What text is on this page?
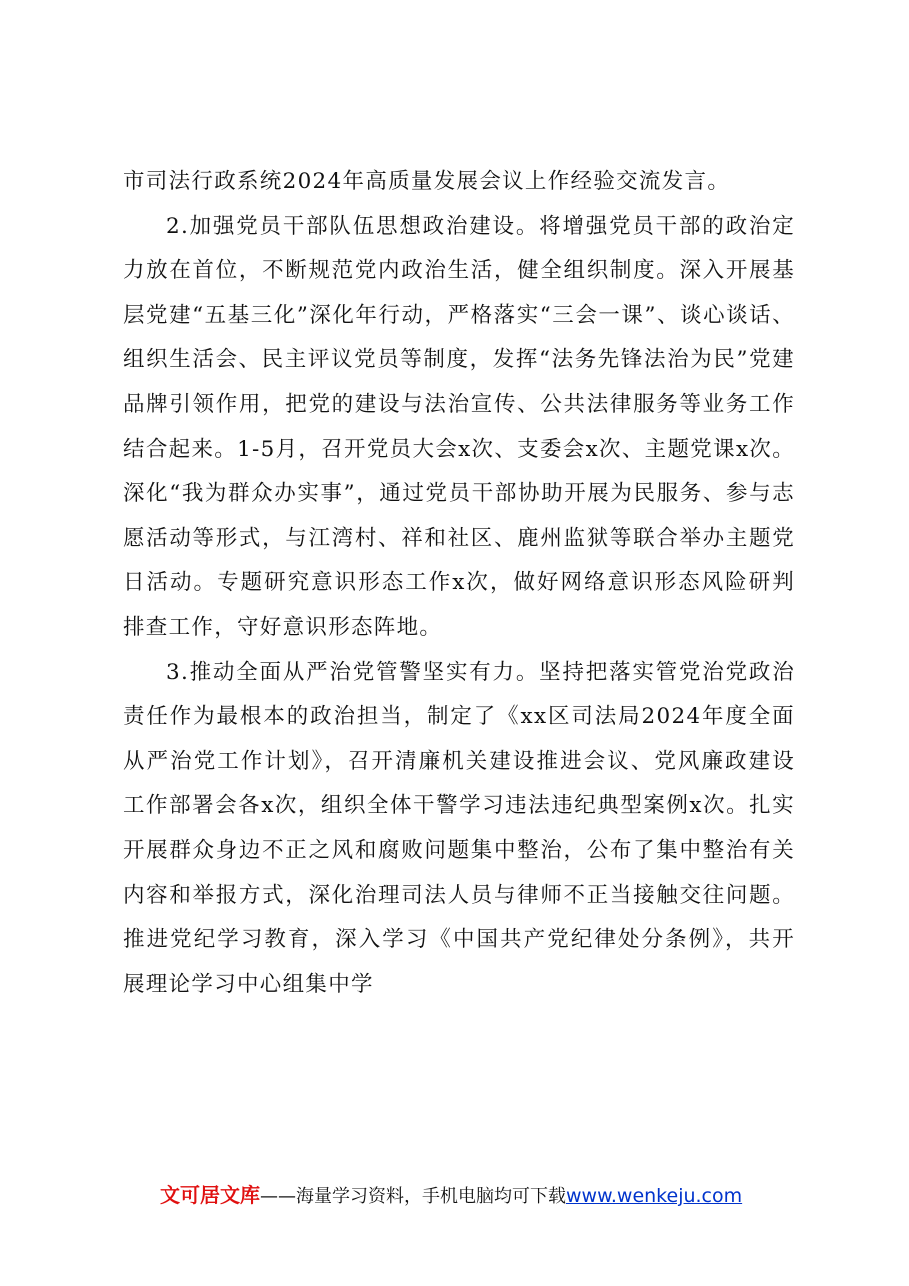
市司法行政系统2024年高质量发展会议上作经验交流发言。

2.加强党员干部队伍思想政治建设。将增强党员干部的政治定力放在首位，不断规范党内政治生活，健全组织制度。深入开展基层党建“五基三化”深化年行动，严格落实“三会一课”、谈心谈话、组织生活会、民主评议党员等制度，发挥“法务先锋法治为民”党建品牌引领作用，把党的建设与法治宣传、公共法律服务等业务工作结合起来。1-5月，召开党员大会x次、支委会x次、主题党课x次。深化“我为群众办实事”，通过党员干部协助开展为民服务、参与志愿活动等形式，与江湾村、祥和社区、鹿州监狱等联合举办主题党日活动。专题研究意识形态工作x次，做好网络意识形态风险研判排查工作，守好意识形态阵地。

3.推动全面从严治党管警坚实有力。坚持把落实管党治党政治责任作为最根本的政治担当，制定了《xx区司法局2024年度全面从严治党工作计划》，召开清廉机关建设推进会议、党风廉政建设工作部署会各x次，组织全体干警学习违法违纪典型案例x次。扎实开展群众身边不正之风和腐败问题集中整治，公布了集中整治有关内容和举报方式，深化治理司法人员与律师不正当接触交往问题。推进党纪学习教育，深入学习《中国共产党纪律处分条例》，共开展理论学习中心组集中学

文可居文库——海量学习资料，手机电脑均可下载www.wenkeju.com
